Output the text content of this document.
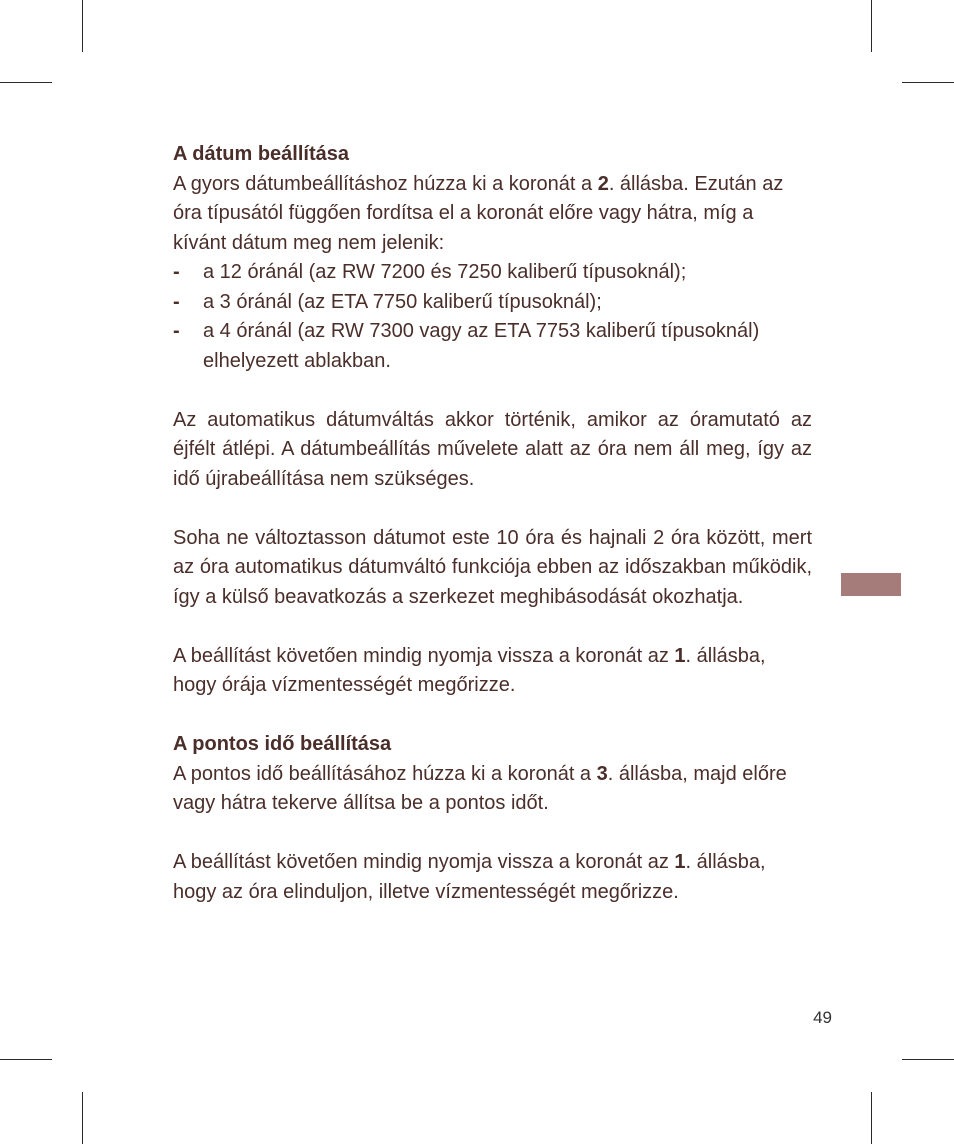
A dátum beállítása

A gyors dátumbeállításhoz húzza ki a koronát a 2. állásba. Ezután az óra típusától függően fordítsa el a koronát előre vagy hátra, míg a kívánt dátum meg nem jelenik:

- a 12 óránál (az RW 7200 és 7250 kaliberű típusoknál);
- a 3 óránál (az ETA 7750 kaliberű típusoknál);
- a 4 óránál (az RW 7300 vagy az ETA 7753 kaliberű típusoknál) elhelyezett ablakban.

Az automatikus dátumváltás akkor történik, amikor az óramutató az éjfélt átlépi. A dátumbeállítás művelete alatt az óra nem áll meg, így az idő újrabeállítása nem szükséges.

Soha ne változtasson dátumot este 10 óra és hajnali 2 óra között, mert az óra automatikus dátumváltó funkciója ebben az időszakban működik, így a külső beavatkozás a szerkezet meghibásodását okozhatja.

A beállítást követően mindig nyomja vissza a koronát az 1. állásba, hogy órája vízmentességét megőrizze.

A pontos idő beállítása

A pontos idő beállításához húzza ki a koronát a 3. állásba, majd előre vagy hátra tekerve állítsa be a pontos időt.

A beállítást követően mindig nyomja vissza a koronát az 1. állásba, hogy az óra elinduljon, illetve vízmentességét megőrizze.

49
